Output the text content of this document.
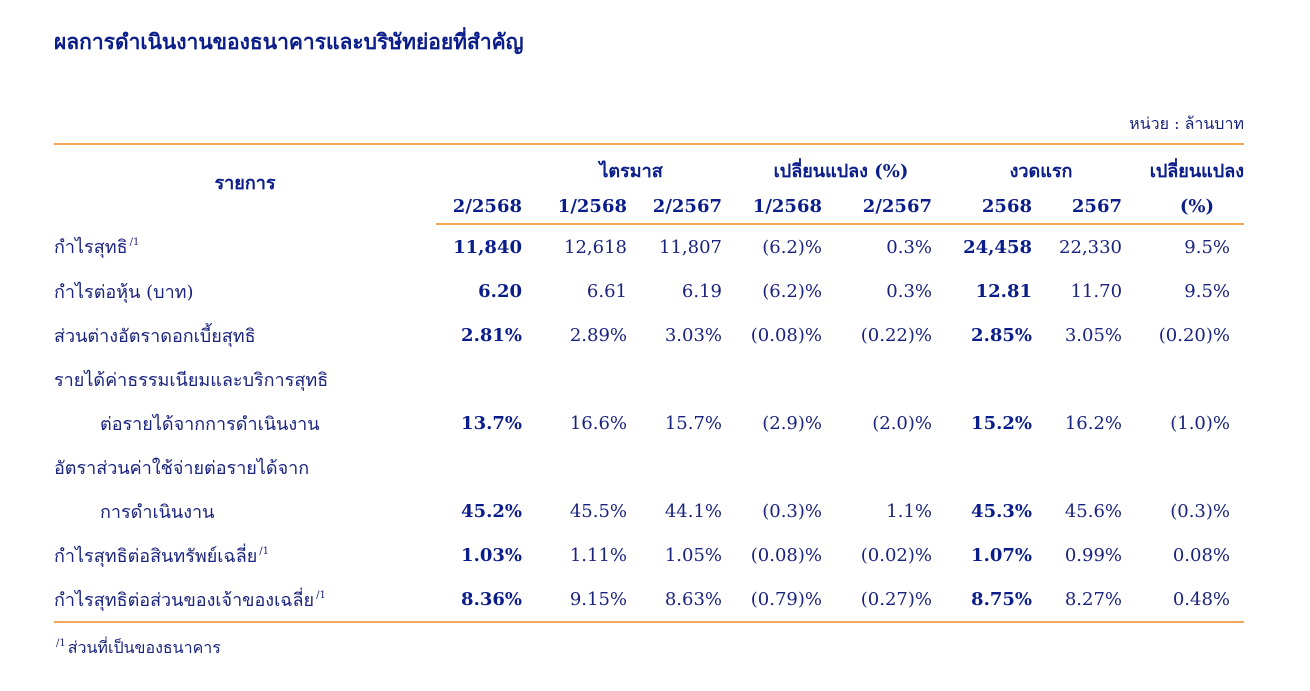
ผลการดำเนินงานของธนาคารและบริษัทย่อยที่สำคัญ
หน่วย : ล้านบาท
รายการ	ไตรมาส			เปลี่ยนแปลง (%)		งวดแรก		เปลี่ยนแปลง
	2/2568	1/2568	2/2567	1/2568	2/2567	2568	2567	(%)
กำไรสุทธิ $^{/1}$	11,840	12,618	11,807	(6.2)%	0.3%	24,458	22,330	9.5%
กำไรต่อหุ้น (บาท)	6.20	6.61	6.19	(6.2)%	0.3%	12.81	11.70	9.5%
ส่วนต่างอัตราดอกเบี้ยสุทธิ	2.81%	2.89%	3.03%	(0.08)%	(0.22)%	2.85%	3.05%	(0.20)%
รายได้ค่าธรรมเนียมและบริการสุทธิ								
ต่อรายได้จากการดำเนินงาน	13.7%	16.6%	15.7%	(2.9)%	(2.0)%	15.2%	16.2%	(1.0)%
อัตราส่วนค่าใช้จ่ายต่อรายได้จาก								
การดำเนินงาน	45.2%	45.5%	44.1%	(0.3)%	1.1%	45.3%	45.6%	(0.3)%
กำไรสุทธิต่อสินทรัพย์เฉลี่ย $^{/1}$	1.03%	1.11%	1.05%	(0.08)%	(0.02)%	1.07%	0.99%	0.08%
กำไรสุทธิต่อส่วนของเจ้าของเฉลี่ย $^{/1}$	8.36%	9.15%	8.63%	(0.79)%	(0.27)%	8.75%	8.27%	0.48%
$^{/1}$ ส่วนที่เป็นของธนาคาร
